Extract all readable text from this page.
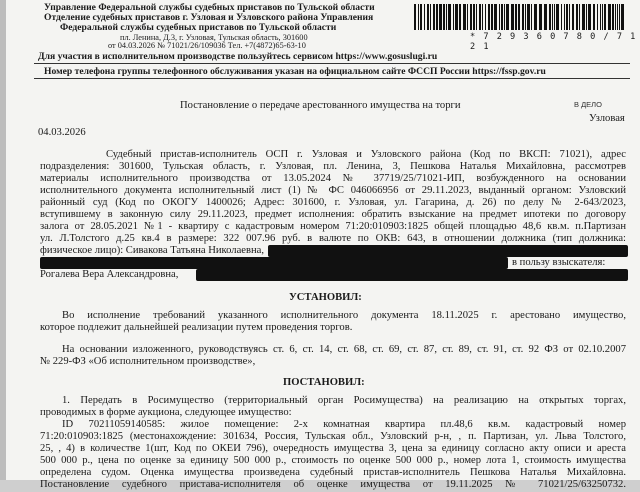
Управление Федеральной службы судебных приставов по Тульской области
Отделение судебных приставов г. Узловая и Узловского района Управления
Федеральной службы судебных приставов по Тульской области
пл. Ленина, Д.3, г. Узловая, Тульская область, 301600
от 04.03.2026 № 71021/26/109036 Тел. +7(4872)65-63-10
* 7 2 9 3 6 0 7 8 0 / 7 1 2 1
Для участия в исполнительном производстве пользуйтесь сервисом https://www.gosuslugi.ru
Номер телефона группы телефонного обслуживания указан на официальном сайте ФССП России https://fssp.gov.ru
В ДЕЛО
Постановление о передаче арестованного имущества на торги
Узловая
04.03.2026
Судебный пристав-исполнитель ОСП г. Узловая и Узловского района (Код по ВКСП: 71021), адрес
подразделения: 301600, Тульская область, г. Узловая, пл. Ленина, 3, Пешкова Наталья Михайловна, рассмотрев
материалы исполнительного производства от 13.05.2024 № 37719/25/71021-ИП, возбужденного на основании
исполнительного документа исполнительный лист (1) № ФС 046066956 от 29.11.2023, выданный органом: Узловский
районный суд (Код по ОКОГУ 1400026; Адрес: 301600, г. Узловая, ул. Гагарина, д. 26) по делу № 2-643/2023,
вступившему в законную силу 29.11.2023, предмет исполнения: обратить взыскание на предмет ипотеки по договору
залога от 28.05.2021 №1 - квартиру с кадастровым номером 71:20:010903:1825 общей площадью 48,6 кв.м. п.Партизан
ул. Л.Толстого д.25 кв.4 в размере: 322 007.96 руб. в валюте по ОКВ: 643, в отношении должника (тип должника:
физическое лицо): Сивакова Татьяна Николаевна,
в пользу взыскателя:
Рогалева Вера Александровна,
УСТАНОВИЛ:
Во исполнение требований указанного исполнительного документа 18.11.2025 г. арестовано имущество,
которое подлежит дальнейшей реализации путем проведения торгов.
На основании изложенного, руководствуясь ст. 6, ст. 14, ст. 68, ст. 69, ст. 87, ст. 89, ст. 91, ст. 92 ФЗ от 02.10.2007
№ 229-ФЗ «Об исполнительном производстве»,
ПОСТАНОВИЛ:
1. Передать в Росимущество (территориальный орган Росимущества) на реализацию на открытых торгах,
проводимых в форме аукциона, следующее имущество:
ID 70211059140585: жилое помещение: 2-х комнатная квартира пл.48,6 кв.м. кадастровый номер
71:20:010903:1825 (местонахождение: 301634, Россия, Тульская обл., Узловский р-н, , п. Партизан, ул. Льва Толстого,
25, , 4) в количестве 1(шт, Код по ОКЕИ 796), очередность имущества 3, цена за единицу согласно акту описи и ареста
500 000 р., цена по оценке за единицу 500 000 р., стоимость по оценке 500 000 р., номер лота 1, стоимость имущества
определена судом. Оценка имущества произведена судебный пристав-исполнитель Пешкова Наталья Михайловна.
Постановление судебного пристава-исполнителя об оценке имущества от 19.11.2025 № 71021/25/63250732.
